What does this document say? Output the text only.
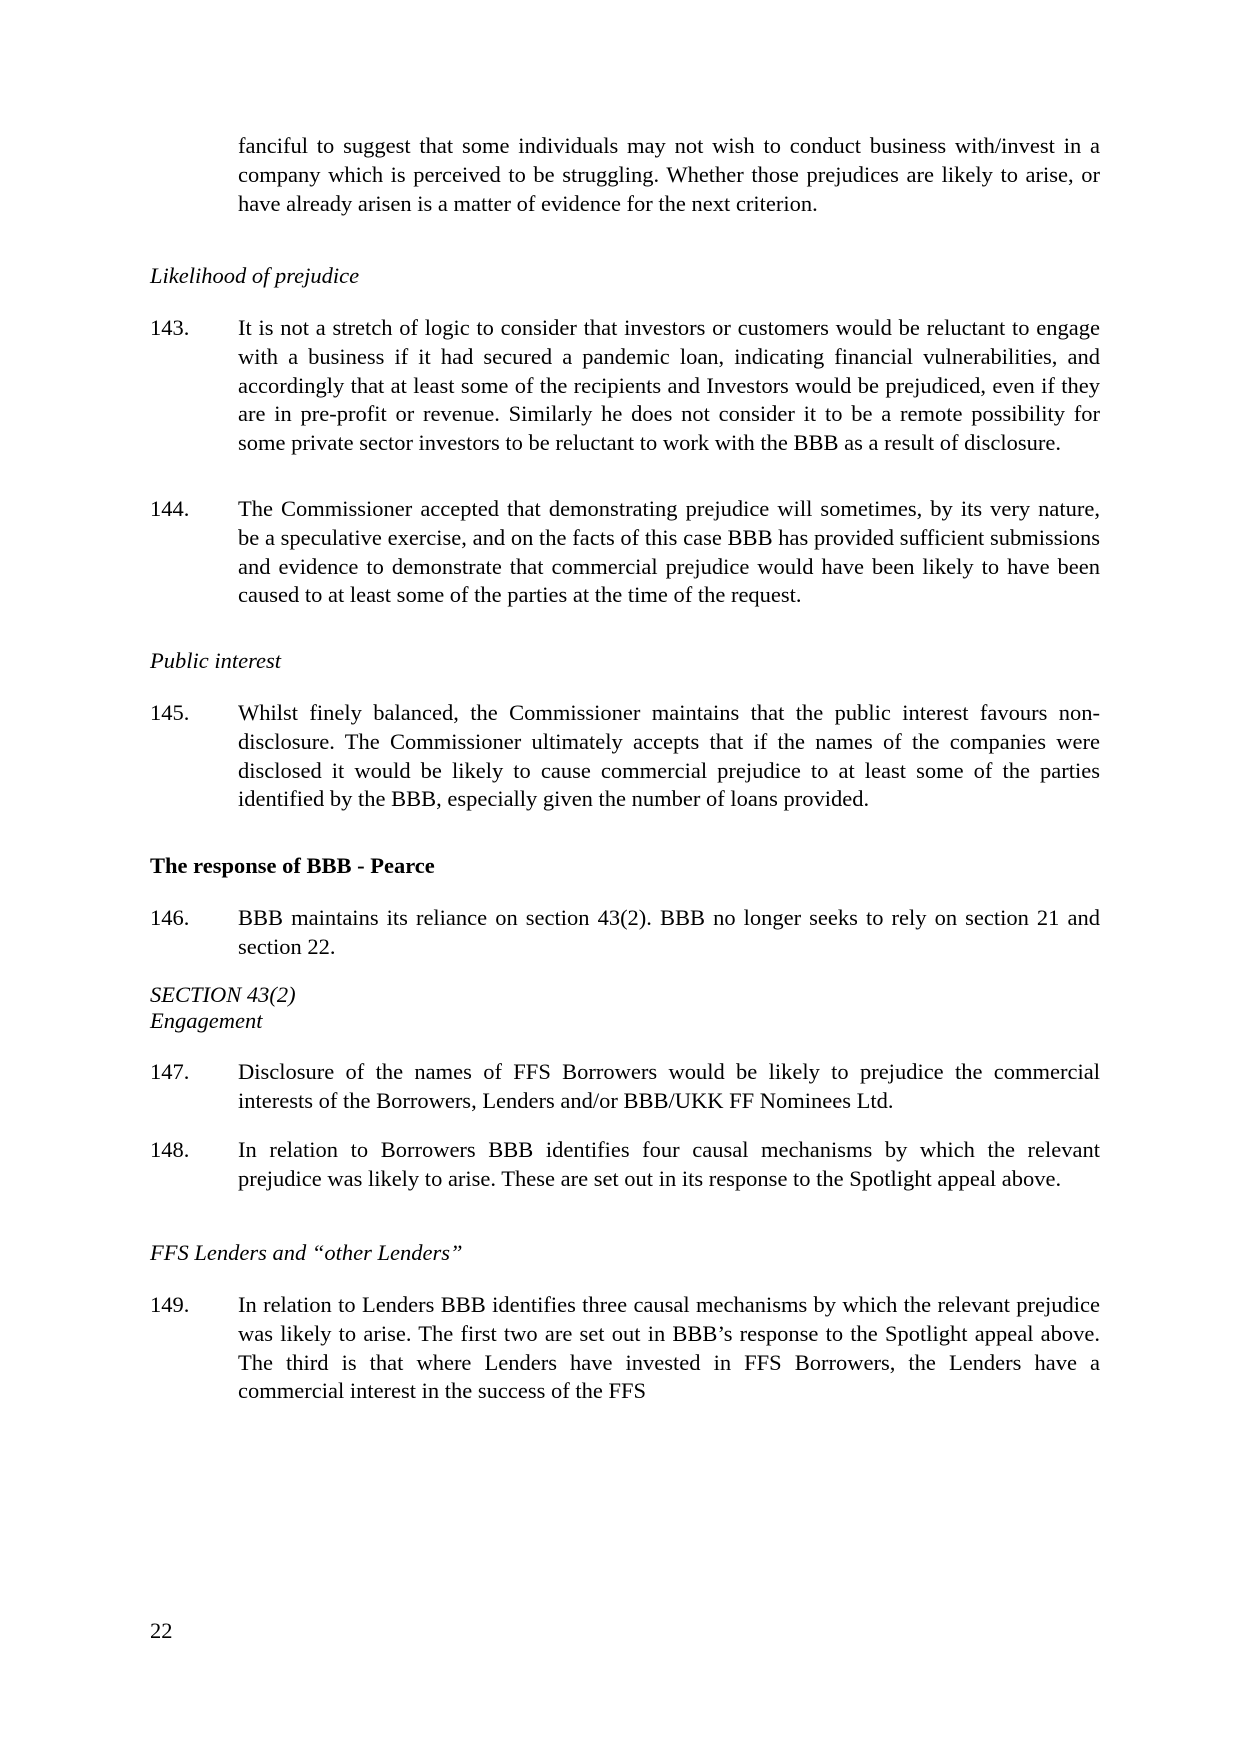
fanciful to suggest that some individuals may not wish to conduct business with/invest in a company which is perceived to be struggling. Whether those prejudices are likely to arise, or have already arisen is a matter of evidence for the next criterion.
Likelihood of prejudice
143. It is not a stretch of logic to consider that investors or customers would be reluctant to engage with a business if it had secured a pandemic loan, indicating financial vulnerabilities, and accordingly that at least some of the recipients and Investors would be prejudiced, even if they are in pre-profit or revenue. Similarly he does not consider it to be a remote possibility for some private sector investors to be reluctant to work with the BBB as a result of disclosure.
144. The Commissioner accepted that demonstrating prejudice will sometimes, by its very nature, be a speculative exercise, and on the facts of this case BBB has provided sufficient submissions and evidence to demonstrate that commercial prejudice would have been likely to have been caused to at least some of the parties at the time of the request.
Public interest
145. Whilst finely balanced, the Commissioner maintains that the public interest favours non-disclosure. The Commissioner ultimately accepts that if the names of the companies were disclosed it would be likely to cause commercial prejudice to at least some of the parties identified by the BBB, especially given the number of loans provided.
The response of BBB - Pearce
146. BBB maintains its reliance on section 43(2). BBB no longer seeks to rely on section 21 and section 22.
SECTION 43(2)
Engagement
147. Disclosure of the names of FFS Borrowers would be likely to prejudice the commercial interests of the Borrowers, Lenders and/or BBB/UKK FF Nominees Ltd.
148. In relation to Borrowers BBB identifies four causal mechanisms by which the relevant prejudice was likely to arise. These are set out in its response to the Spotlight appeal above.
FFS Lenders and “other Lenders”
149. In relation to Lenders BBB identifies three causal mechanisms by which the relevant prejudice was likely to arise. The first two are set out in BBB’s response to the Spotlight appeal above. The third is that where Lenders have invested in FFS Borrowers, the Lenders have a commercial interest in the success of the FFS
22
